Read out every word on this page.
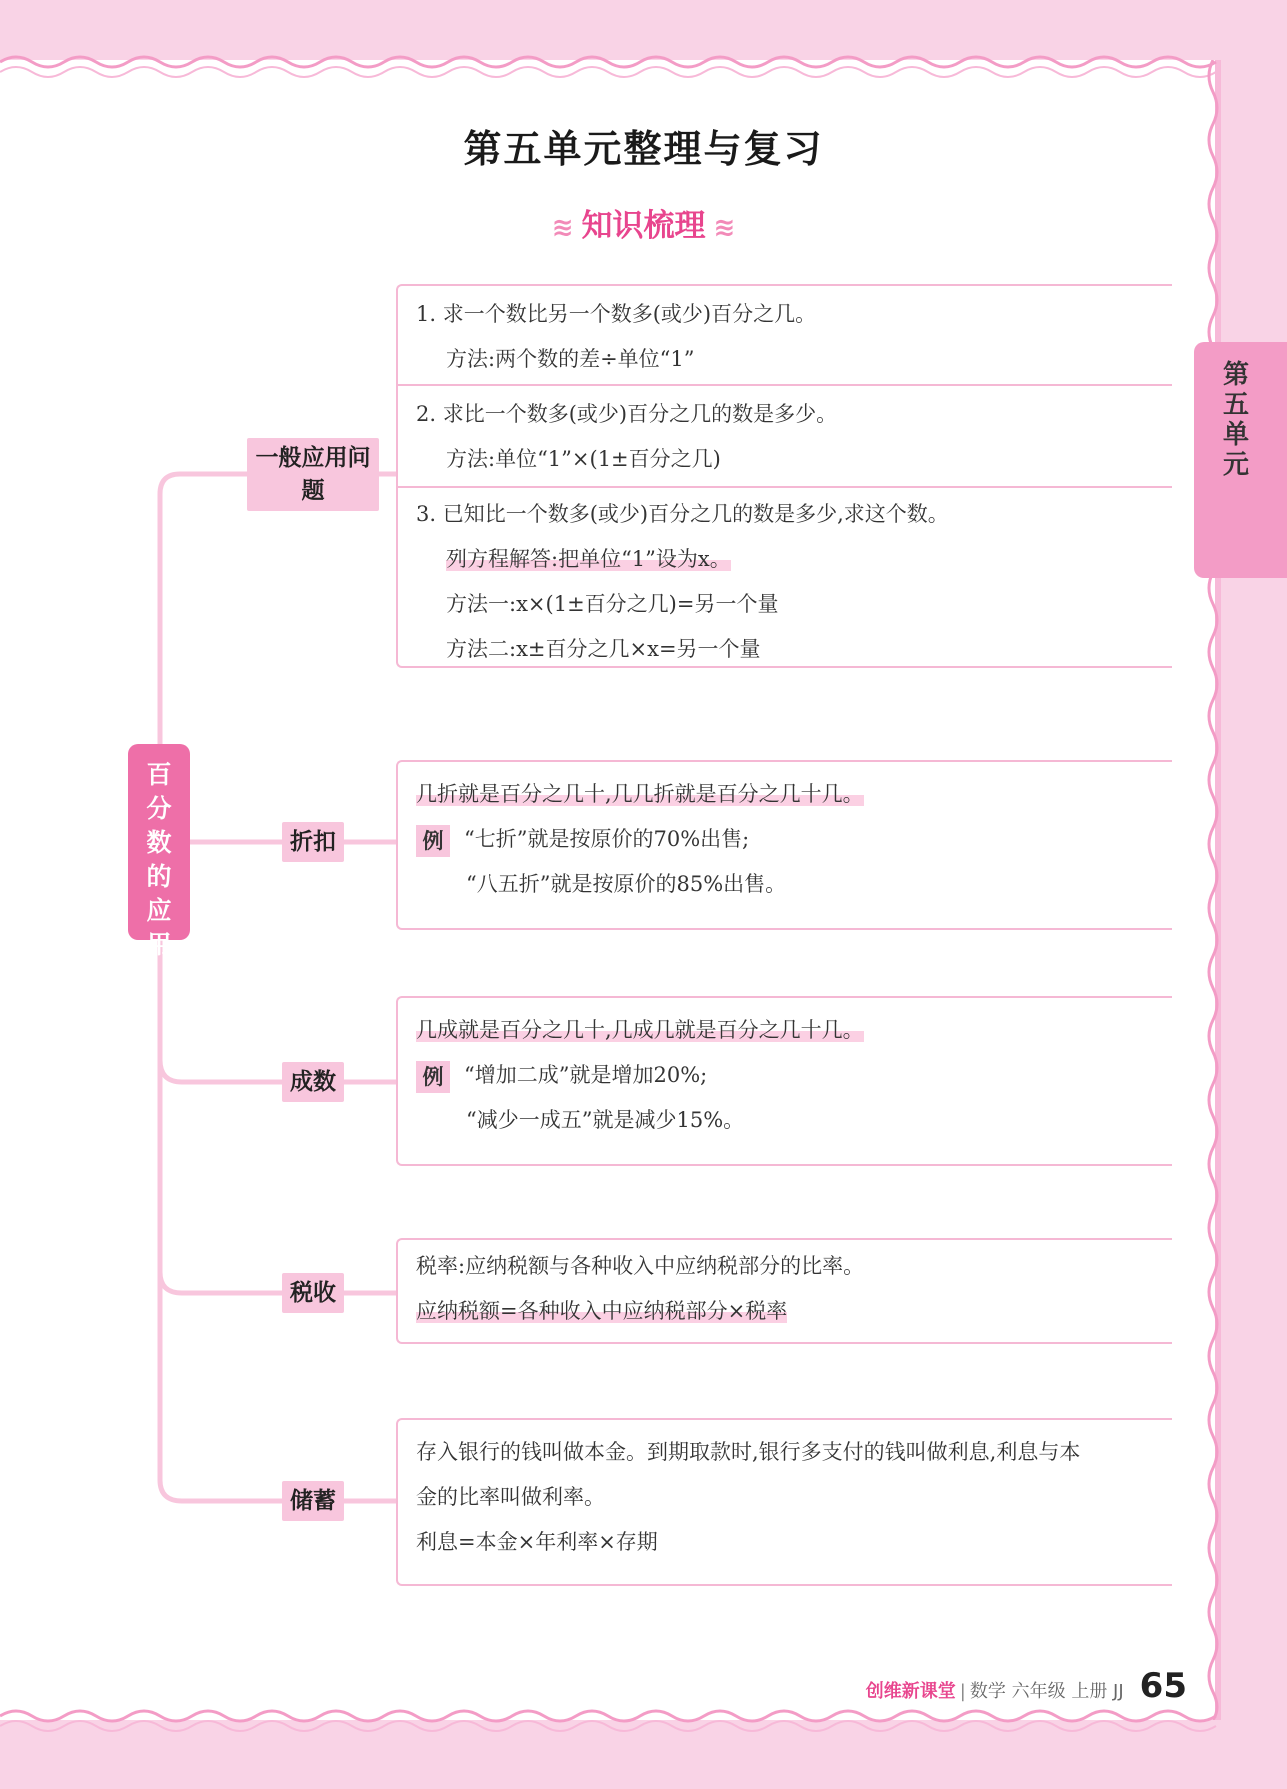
第五单元整理与复习
≋ 知识梳理 ≋
第五单元
百分数的应用
一般应用问题
折扣
成数
税收
储蓄
1. 求一个数比另一个数多(或少)百分之几。
方法:两个数的差÷单位“1”
2. 求比一个数多(或少)百分之几的数是多少。
方法:单位“1”×(1±百分之几)
3. 已知比一个数多(或少)百分之几的数是多少,求这个数。
列方程解答:把单位“1”设为x。
方法一:x×(1±百分之几)=另一个量
方法二:x±百分之几×x=另一个量
几折就是百分之几十,几几折就是百分之几十几。
例 “七折”就是按原价的70%出售;
“八五折”就是按原价的85%出售。
几成就是百分之几十,几成几就是百分之几十几。
例 “增加二成”就是增加20%;
“减少一成五”就是减少15%。
税率:应纳税额与各种收入中应纳税部分的比率。
应纳税额=各种收入中应纳税部分×税率
存入银行的钱叫做本金。到期取款时,银行多支付的钱叫做利息,利息与本
金的比率叫做利率。
利息=本金×年利率×存期
创维新课堂 | 数学 六年级 上册 JJ 65
